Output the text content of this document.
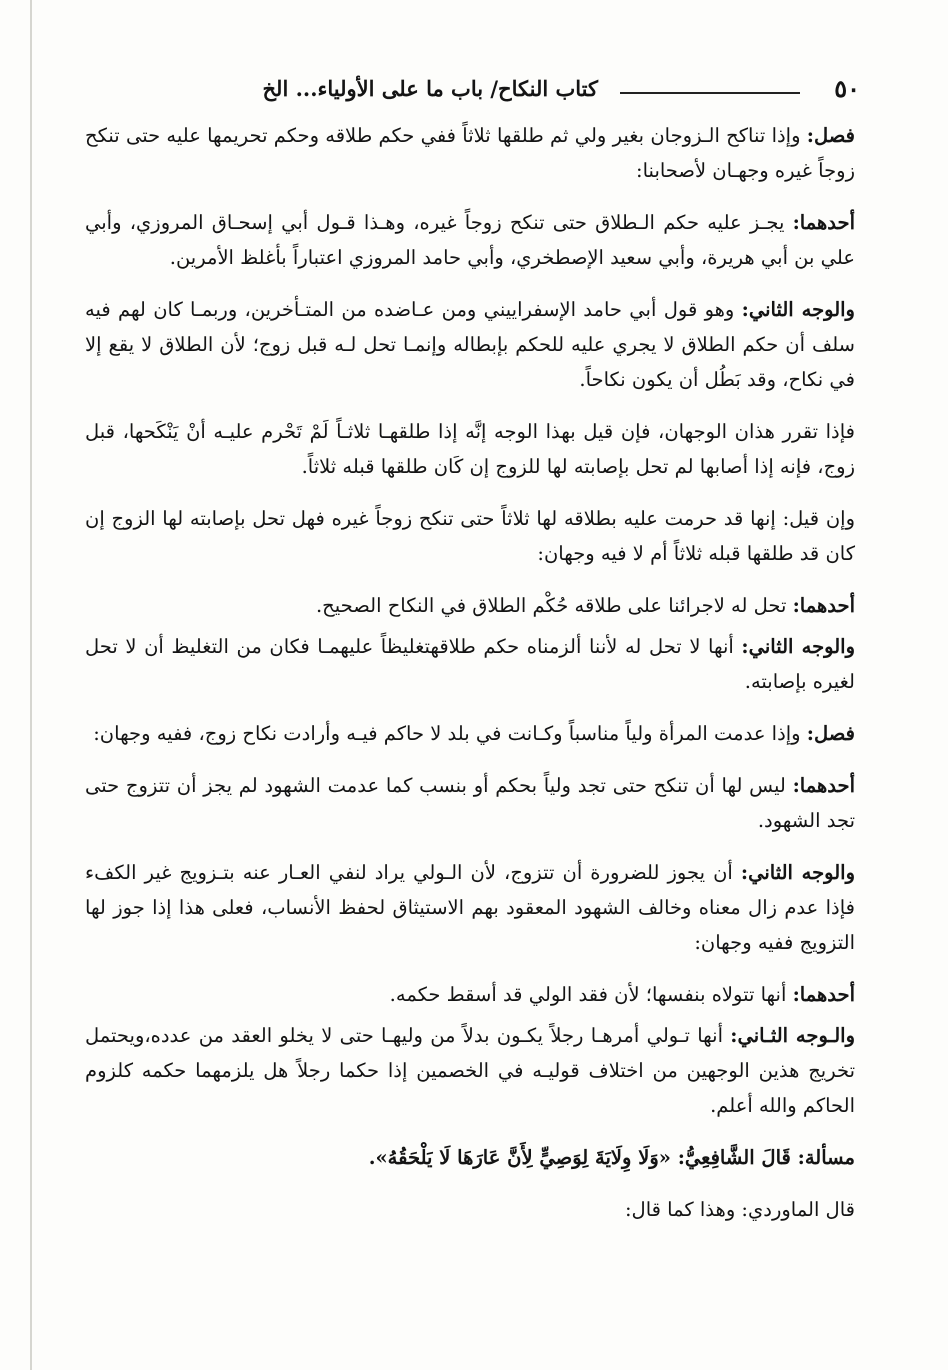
٥٠
كتاب النكاح/ باب ما على الأولياء... الخ

فصل: وإذا تناكح الـزوجان بغير ولي ثم طلقها ثلاثاً ففي حكم طلاقه وحكم تحريمها عليه حتى تنكح زوجاً غيره وجهـان لأصحابنا:

أحدهما: يجـز عليه حكم الـطلاق حتى تنكح زوجاً غيره، وهـذا قـول أبي إسحـاق المروزي، وأبي علي بن أبي هريرة، وأبي سعيد الإصطخري، وأبي حامد المروزي اعتباراً بأغلظ الأمرين.

والوجه الثاني: وهو قول أبي حامد الإسفراييني ومن عـاضده من المتـأخرين، وربمـا كان لهم فيه سلف أن حكم الطلاق لا يجري عليه للحكم بإبطاله وإنمـا تحل لـه قبل زوج؛ لأن الطلاق لا يقع إلا في نكاح، وقد بَطُل أن يكون نكاحاً.

فإذا تقرر هذان الوجهان، فإن قيل بهذا الوجه إنَّه إذا طلقهـا ثلاثـاً لَمْ تَحْرم عليـه أنْ يَنْكَحها، قبل زوج، فإنه إذا أصابها لم تحل بإصابته لها للزوج إن كَان طلقها قبله ثلاثاً.

وإن قيل: إنها قد حرمت عليه بطلاقه لها ثلاثاً حتى تنكح زوجاً غيره فهل تحل بإصابته لها الزوج إن كان قد طلقها قبله ثلاثاً أم لا فيه وجهان:

أحدهما: تحل له لاجرائنا على طلاقه حُكْم الطلاق في النكاح الصحيح.

والوجه الثاني: أنها لا تحل له لأننا ألزمناه حكم طلاقهتغليظاً عليهمـا فكان من التغليظ أن لا تحل لغيره بإصابته.

فصل: وإذا عدمت المرأة ولياً مناسباً وكـانت في بلد لا حاكم فيـه وأرادت نكاح زوج، ففيه وجهان:

أحدهما: ليس لها أن تنكح حتى تجد ولياً بحكم أو بنسب كما عدمت الشهود لم يجز أن تتزوج حتى تجد الشهود.

والوجه الثاني: أن يجوز للضرورة أن تتزوج، لأن الـولي يراد لنفي العـار عنه بتـزويج غير الكفء فإذا عدم زال معناه وخالف الشهود المعقود بهم الاستيثاق لحفظ الأنساب، فعلى هذا إذا جوز لها التزويج ففيه وجهان:

أحدهما: أنها تتولاه بنفسها؛ لأن فقد الولي قد أسقط حكمه.

والـوجه الثـاني: أنها تـولي أمرهـا رجلاً يكـون بدلاً من وليهـا حتى لا يخلو العقد من عدده،ويحتمل تخريج هذين الوجهين من اختلاف قوليـه في الخصمين إذا حكما رجلاً هل يلزمهما حكمه كلزوم الحاكم والله أعلم.

مسألة: قَالَ الشَّافِعِيُّ: «وَلَا وِلَايَةَ لِوَصِيٍّ لِأَنَّ عَارَهَا لَا يَلْحَقُهُ».

قال الماوردي: وهذا كما قال:
